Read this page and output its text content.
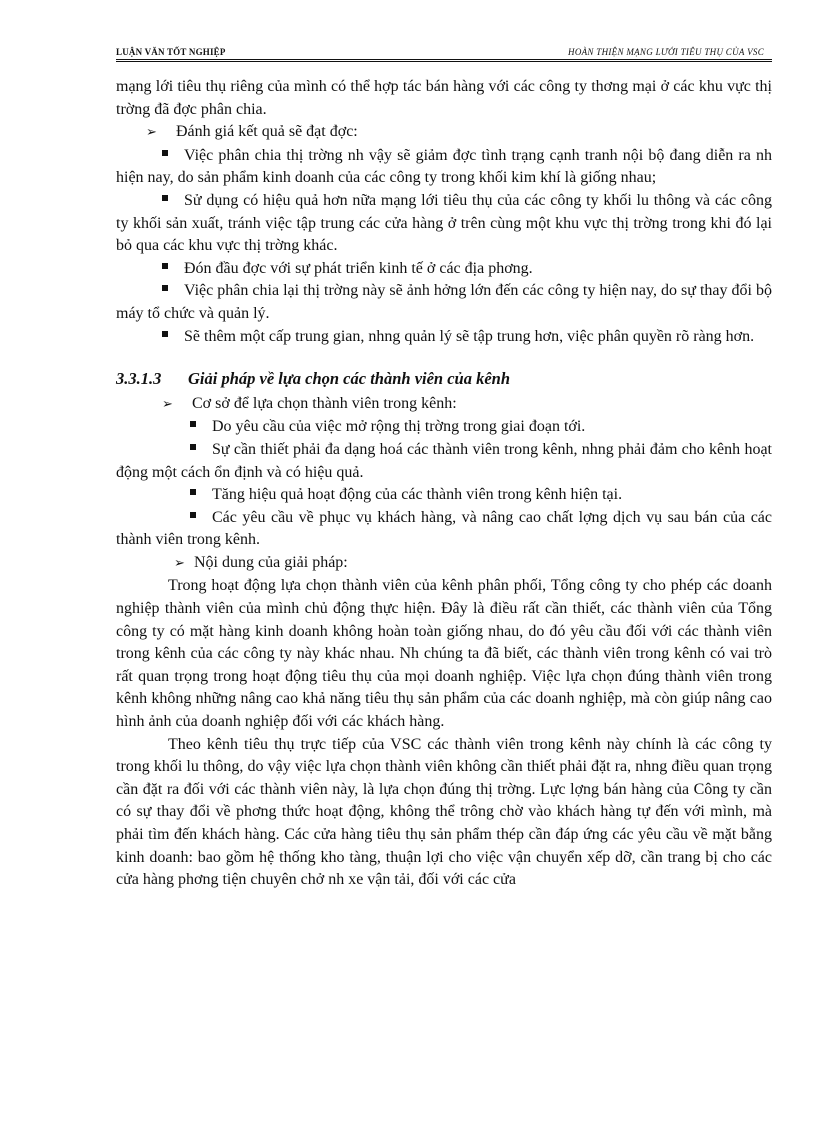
LUẬN VĂN TỐT NGHIỆP	HOÀN THIỆN MẠNG LƯỚI TIÊU THỤ CỦA VSC

mạng lới tiêu thụ riêng của mình có thể hợp tác bán hàng với các công ty thơng mại ở các khu vực thị trờng đã đợc phân chia.

➢ Đánh giá kết quả sẽ đạt đợc:

Việc phân chia thị trờng nh vậy sẽ giảm đợc tình trạng cạnh tranh nội bộ đang diễn ra nh hiện nay, do sản phẩm kinh doanh của các công ty trong khối kim khí là giống nhau;

Sử dụng có hiệu quả hơn nữa mạng lới tiêu thụ của các công ty khối lu thông và các công ty khối sản xuất, tránh việc tập trung các cửa hàng ở trên cùng một khu vực thị trờng trong khi đó lại bỏ qua các khu vực thị trờng khác.

Đón đầu đợc với sự phát triển kinh tế ở các địa phơng.

Việc phân chia lại thị trờng này sẽ ảnh hởng lớn đến các công ty hiện nay, do sự thay đổi bộ máy tổ chức và quản lý.

Sẽ thêm một cấp trung gian, nhng quản lý sẽ tập trung hơn, việc phân quyền rõ ràng hơn.

3.3.1.3 Giải pháp về lựa chọn các thành viên của kênh

➢ Cơ sở để lựa chọn thành viên trong kênh:

Do yêu cầu của việc mở rộng thị trờng trong giai đoạn tới.

Sự cần thiết phải đa dạng hoá các thành viên trong kênh, nhng phải đảm cho kênh hoạt động một cách ổn định và có hiệu quả.

Tăng hiệu quả hoạt động của các thành viên trong kênh hiện tại.

Các yêu cầu về phục vụ khách hàng, và nâng cao chất lợng dịch vụ sau bán của các thành viên trong kênh.

➢ Nội dung của giải pháp:

Trong hoạt động lựa chọn thành viên của kênh phân phối, Tổng công ty cho phép các doanh nghiệp thành viên của mình chủ động thực hiện. Đây là điều rất cần thiết, các thành viên của Tổng công ty có mặt hàng kinh doanh không hoàn toàn giống nhau, do đó yêu cầu đối với các thành viên trong kênh của các công ty này khác nhau. Nh chúng ta đã biết, các thành viên trong kênh có vai trò rất quan trọng trong hoạt động tiêu thụ của mọi doanh nghiệp. Việc lựa chọn đúng thành viên trong kênh không những nâng cao khả năng tiêu thụ sản phẩm của các doanh nghiệp, mà còn giúp nâng cao hình ảnh của doanh nghiệp đối với các khách hàng.

Theo kênh tiêu thụ trực tiếp của VSC các thành viên trong kênh này chính là các công ty trong khối lu thông, do vậy việc lựa chọn thành viên không cần thiết phải đặt ra, nhng điều quan trọng cần đặt ra đối với các thành viên này, là lựa chọn đúng thị trờng. Lực lợng bán hàng của Công ty cần có sự thay đổi về phơng thức hoạt động, không thể trông chờ vào khách hàng tự đến với mình, mà phải tìm đến khách hàng. Các cửa hàng tiêu thụ sản phẩm thép cần đáp ứng các yêu cầu về mặt bằng kinh doanh: bao gồm hệ thống kho tàng, thuận lợi cho việc vận chuyển xếp dỡ, cần trang bị cho các cửa hàng phơng tiện chuyên chở nh xe vận tải, đối với các cửa
